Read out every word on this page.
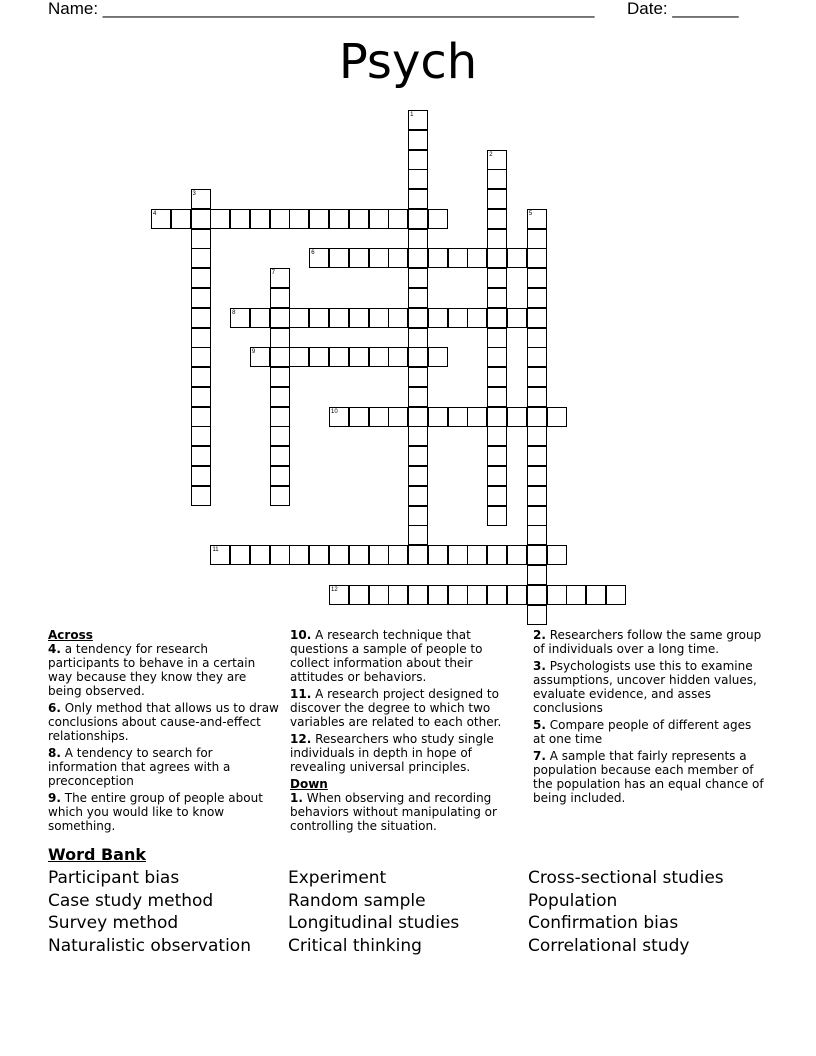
Name: ____________________________________________________ Date: _______
Psych
1
2
3
4	5
6
7
8
9
10
11
12
Across
4. a tendency for research participants to behave in a certain way because they know they are being observed.
6. Only method that allows us to draw conclusions about cause-and-effect relationships.
8. A tendency to search for information that agrees with a preconception
9. The entire group of people about which you would like to know something.
10. A research technique that questions a sample of people to collect information about their attitudes or behaviors.
11. A research project designed to discover the degree to which two variables are related to each other.
12. Researchers who study single individuals in depth in hope of revealing universal principles.
Down
1. When observing and recording behaviors without manipulating or controlling the situation.
2. Researchers follow the same group of individuals over a long time.
3. Psychologists use this to examine assumptions, uncover hidden values, evaluate evidence, and asses conclusions
5. Compare people of different ages at one time
7. A sample that fairly represents a population because each member of the population has an equal chance of being included.
Word Bank
Participant bias
Case study method
Survey method
Naturalistic observation
Experiment
Random sample
Longitudinal studies
Critical thinking
Cross-sectional studies
Population
Confirmation bias
Correlational study
